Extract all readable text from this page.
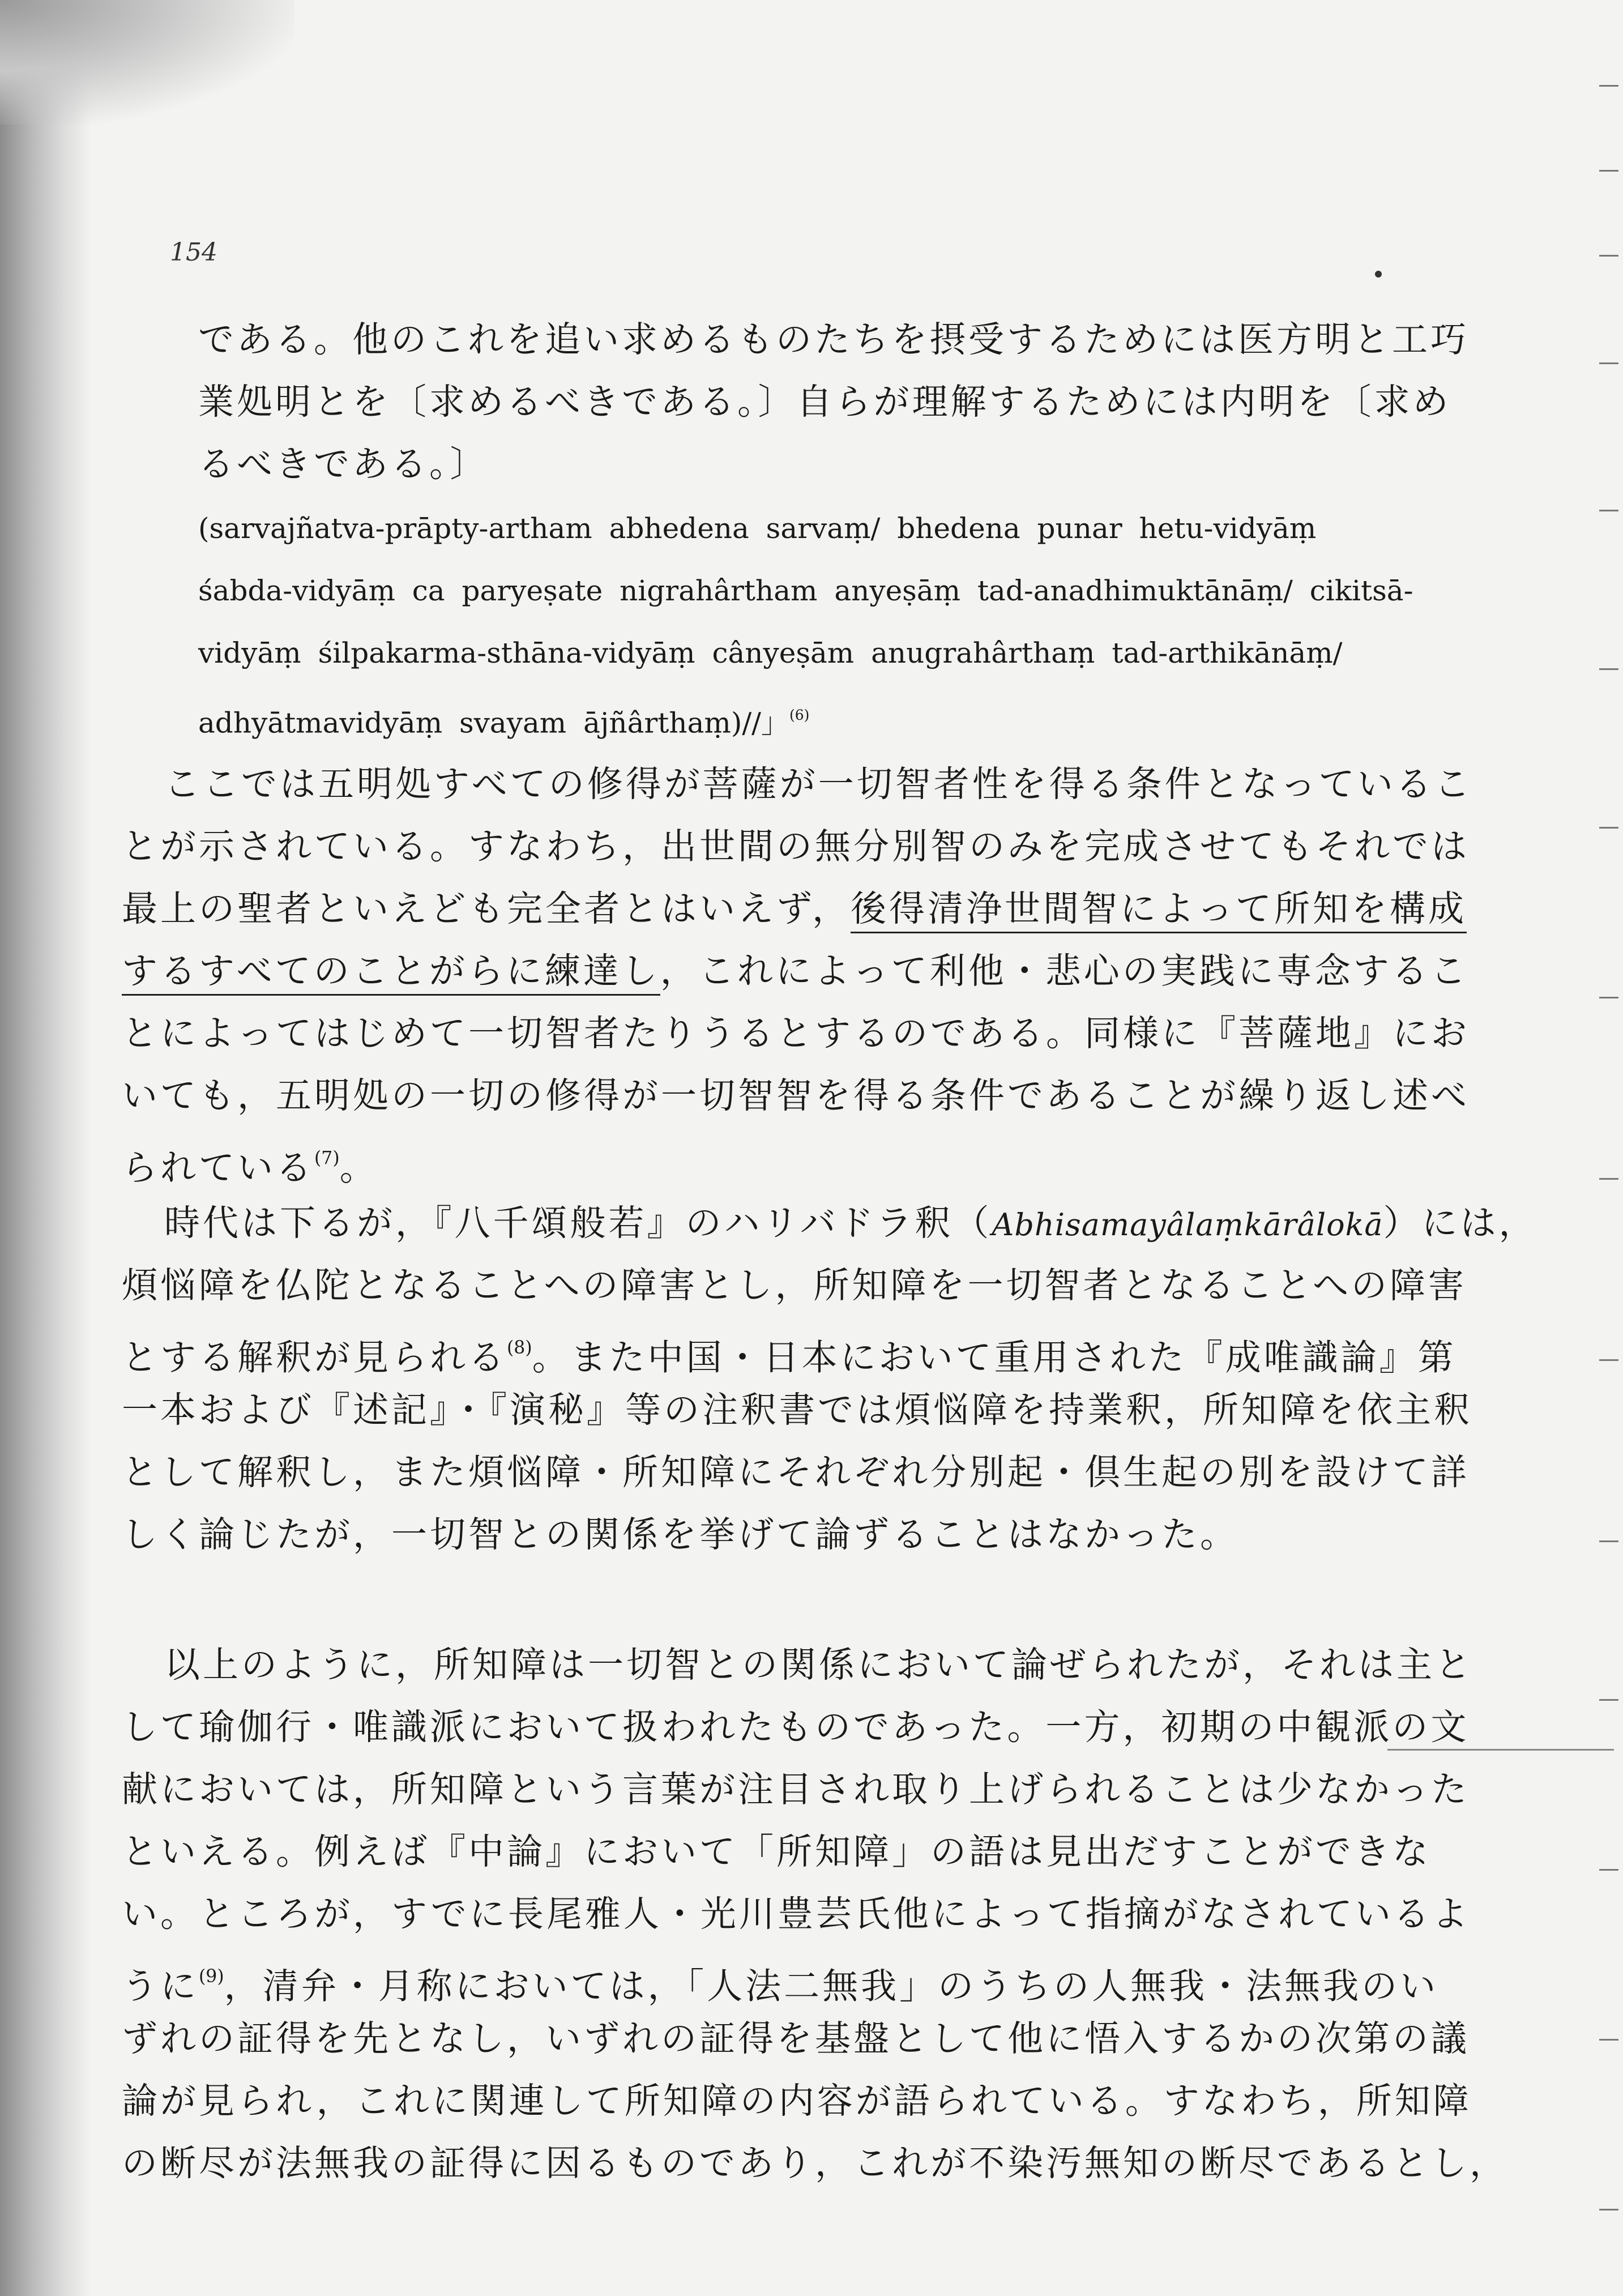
154
である。他のこれを追い求めるものたちを摂受するためには医方明と工巧
業処明とを〔求めるべきである。〕自らが理解するためには内明を〔求め
るべきである。〕
(sarvajñatva-prāpty-artham abhedena sarvaṃ/ bhedena punar hetu-vidyāṃ
śabda-vidyāṃ ca paryeṣate nigrahârtham anyeṣāṃ tad-anadhimuktānāṃ/ cikitsā-
vidyāṃ śilpakarma-sthāna-vidyāṃ cânyeṣām anugrahârthaṃ tad-arthikānāṃ/
adhyātmavidyāṃ svayam ājñârthaṃ)//」$^{(6)}$
ここでは五明処すべての修得が菩薩が一切智者性を得る条件となっているこ
とが示されている。すなわち，出世間の無分別智のみを完成させてもそれでは
最上の聖者といえども完全者とはいえず，後得清浄世間智によって所知を構成
するすべてのことがらに練達し，これによって利他・悲心の実践に専念するこ
とによってはじめて一切智者たりうるとするのである。同様に『菩薩地』にお
いても，五明処の一切の修得が一切智智を得る条件であることが繰り返し述べ
られている$^{(7)}$。
時代は下るが，『八千頌般若』のハリバドラ釈（Abhisamayâlaṃkārâlokā）には，
煩悩障を仏陀となることへの障害とし，所知障を一切智者となることへの障害
とする解釈が見られる$^{(8)}$。また中国・日本において重用された『成唯識論』第
一本および『述記』・『演秘』等の注釈書では煩悩障を持業釈，所知障を依主釈
として解釈し，また煩悩障・所知障にそれぞれ分別起・倶生起の別を設けて詳
しく論じたが，一切智との関係を挙げて論ずることはなかった。
以上のように，所知障は一切智との関係において論ぜられたが，それは主と
して瑜伽行・唯識派において扱われたものであった。一方，初期の中観派の文
献においては，所知障という言葉が注目され取り上げられることは少なかった
といえる。例えば『中論』において「所知障」の語は見出だすことができな
い。ところが，すでに長尾雅人・光川豊芸氏他によって指摘がなされているよ
うに$^{(9)}$，清弁・月称においては，「人法二無我」のうちの人無我・法無我のい
ずれの証得を先となし，いずれの証得を基盤として他に悟入するかの次第の議
論が見られ，これに関連して所知障の内容が語られている。すなわち，所知障
の断尽が法無我の証得に因るものであり，これが不染汚無知の断尽であるとし，
